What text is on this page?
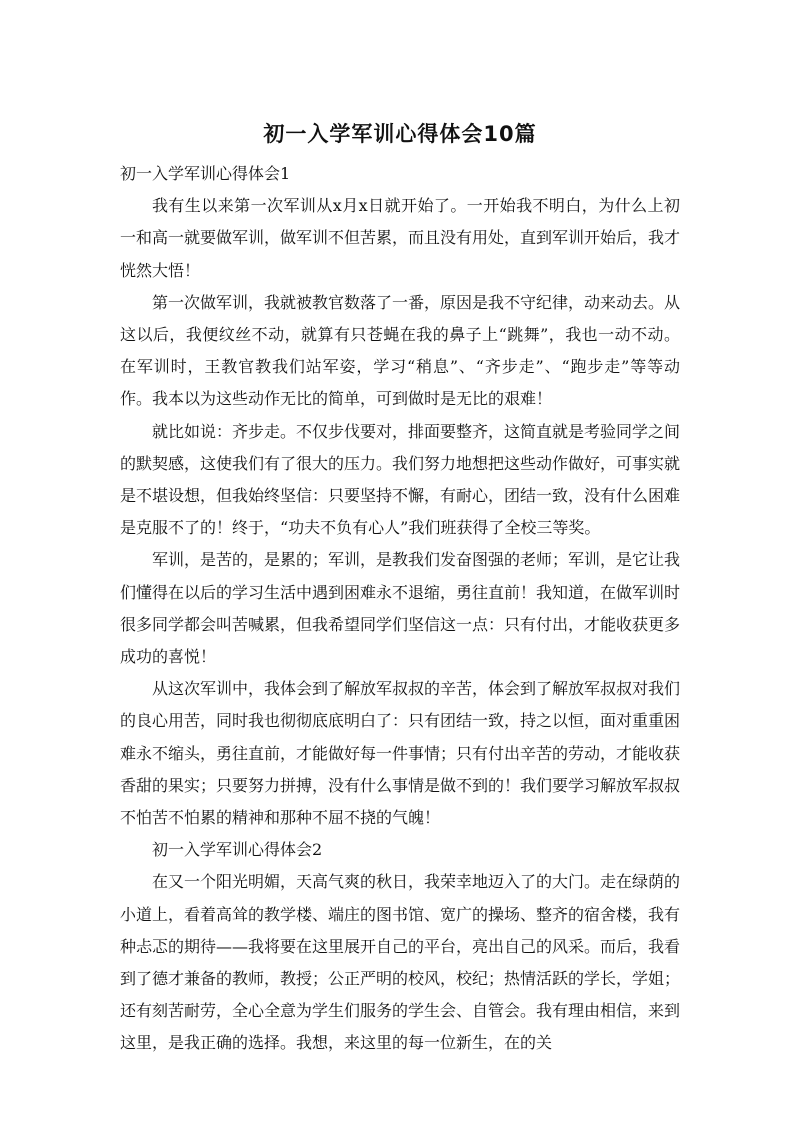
初一入学军训心得体会10篇

初一入学军训心得体会1

我有生以来第一次军训从x月x日就开始了。一开始我不明白，为什么上初一和高一就要做军训，做军训不但苦累，而且没有用处，直到军训开始后，我才恍然大悟！

第一次做军训，我就被教官数落了一番，原因是我不守纪律，动来动去。从这以后，我便纹丝不动，就算有只苍蝇在我的鼻子上“跳舞”，我也一动不动。在军训时，王教官教我们站军姿，学习“稍息”、“齐步走”、“跑步走”等等动作。我本以为这些动作无比的简单，可到做时是无比的艰难！

就比如说：齐步走。不仅步伐要对，排面要整齐，这简直就是考验同学之间的默契感，这使我们有了很大的压力。我们努力地想把这些动作做好，可事实就是不堪设想，但我始终坚信：只要坚持不懈，有耐心，团结一致，没有什么困难是克服不了的！终于，“功夫不负有心人”我们班获得了全校三等奖。

军训，是苦的，是累的；军训，是教我们发奋图强的老师；军训，是它让我们懂得在以后的学习生活中遇到困难永不退缩，勇往直前！我知道，在做军训时很多同学都会叫苦喊累，但我希望同学们坚信这一点：只有付出，才能收获更多成功的喜悦！

从这次军训中，我体会到了解放军叔叔的辛苦，体会到了解放军叔叔对我们的良心用苦，同时我也彻彻底底明白了：只有团结一致，持之以恒，面对重重困难永不缩头，勇往直前，才能做好每一件事情；只有付出辛苦的劳动，才能收获香甜的果实；只要努力拼搏，没有什么事情是做不到的！我们要学习解放军叔叔不怕苦不怕累的精神和那种不屈不挠的气魄！

初一入学军训心得体会2

在又一个阳光明媚，天高气爽的秋日，我荣幸地迈入了的大门。走在绿荫的小道上，看着高耸的教学楼、端庄的图书馆、宽广的操场、整齐的宿舍楼，我有种忐忑的期待——我将要在这里展开自己的平台，亮出自己的风采。而后，我看到了德才兼备的教师，教授；公正严明的校风，校纪；热情活跃的学长，学姐；还有刻苦耐劳，全心全意为学生们服务的学生会、自管会。我有理由相信，来到这里，是我正确的选择。我想，来这里的每一位新生，在的关
